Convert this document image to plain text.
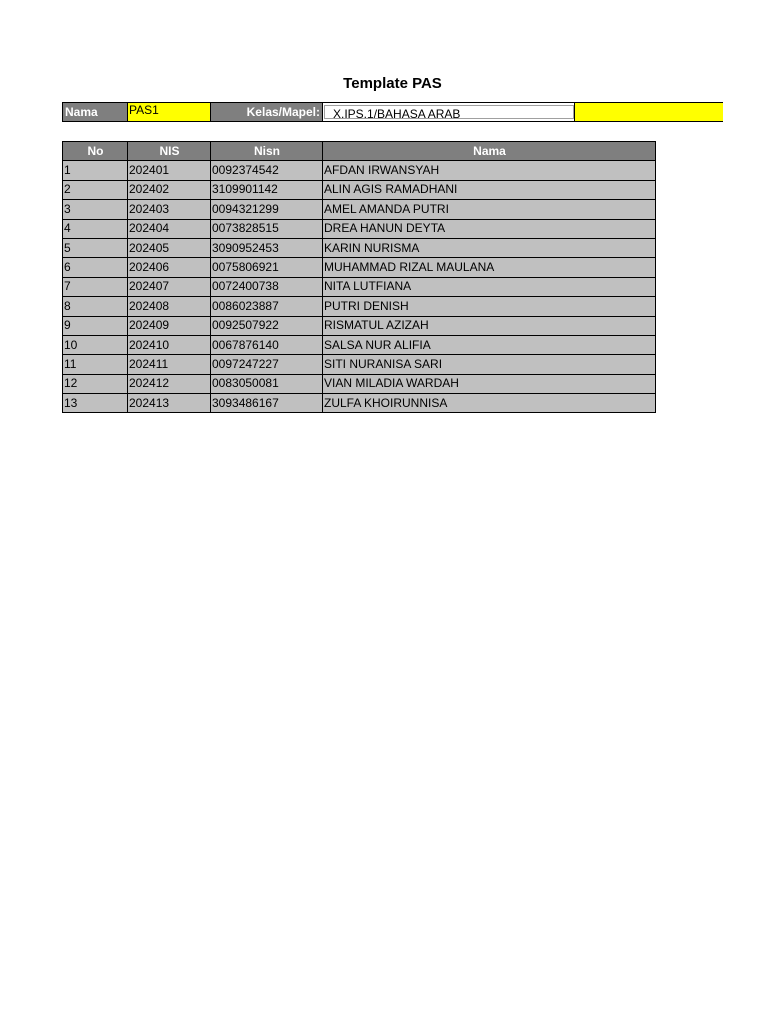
Template PAS
Nama	PAS1	Kelas/Mapel: X.IPS.1/BAHASA ARAB
No	NIS	Nisn	Nama
1	202401	0092374542	AFDAN IRWANSYAH
2	202402	3109901142	ALIN AGIS RAMADHANI
3	202403	0094321299	AMEL AMANDA PUTRI
4	202404	0073828515	DREA HANUN DEYTA
5	202405	3090952453	KARIN NURISMA
6	202406	0075806921	MUHAMMAD RIZAL MAULANA
7	202407	0072400738	NITA LUTFIANA
8	202408	0086023887	PUTRI DENISH
9	202409	0092507922	RISMATUL AZIZAH
10	202410	0067876140	SALSA NUR ALIFIA
11	202411	0097247227	SITI NURANISA SARI
12	202412	0083050081	VIAN MILADIA WARDAH
13	202413	3093486167	ZULFA KHOIRUNNISA
